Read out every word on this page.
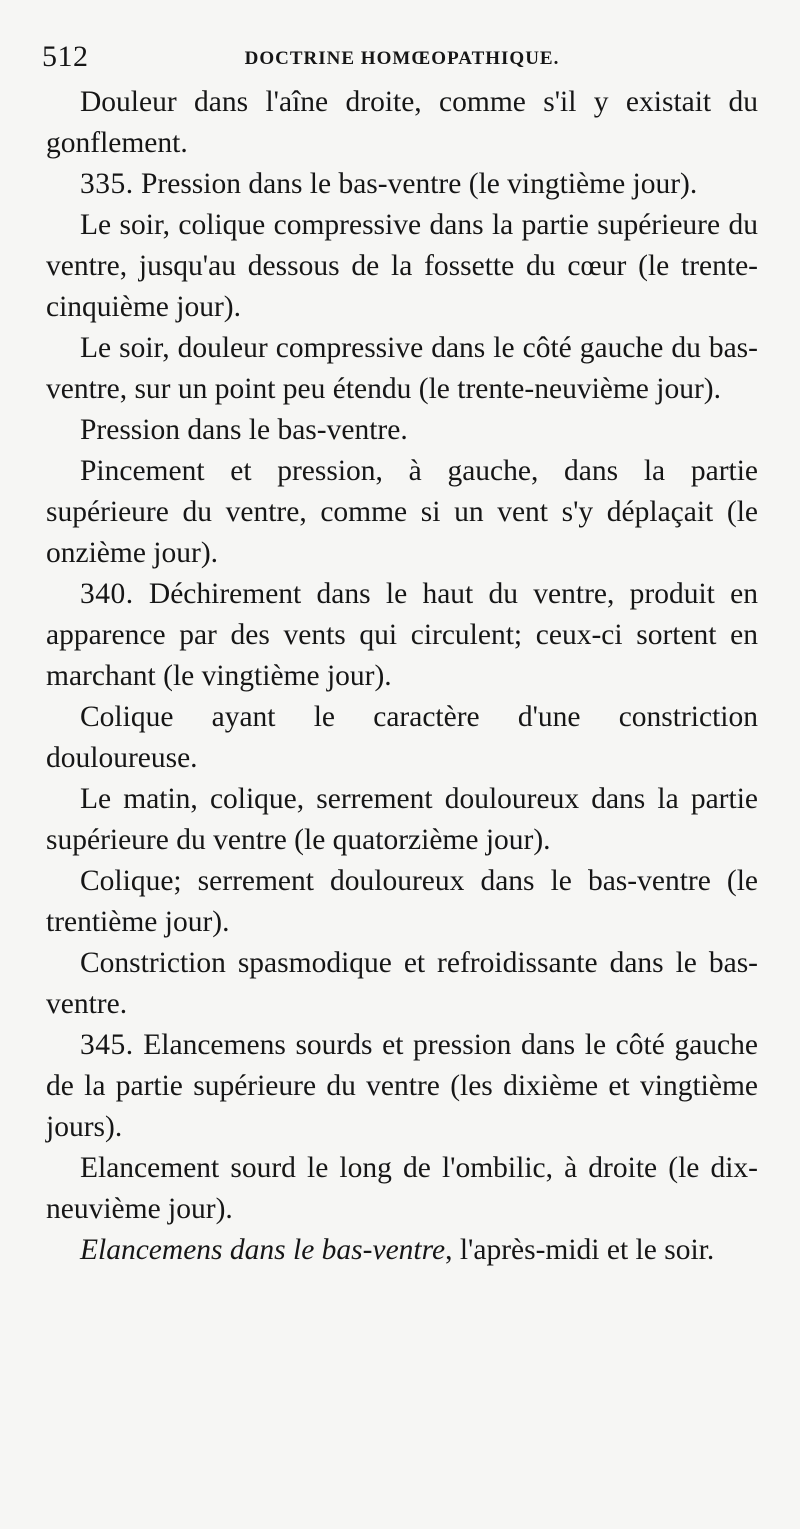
512	DOCTRINE HOMŒOPATHIQUE.

Douleur dans l'aîne droite, comme s'il y existait du gonflement.

335. Pression dans le bas-ventre (le vingtième jour).

Le soir, colique compressive dans la partie supérieure du ventre, jusqu'au dessous de la fossette du cœur (le trente-cinquième jour).

Le soir, douleur compressive dans le côté gauche du bas-ventre, sur un point peu étendu (le trente-neuvième jour).

Pression dans le bas-ventre.

Pincement et pression, à gauche, dans la partie supérieure du ventre, comme si un vent s'y déplaçait (le onzième jour).

340. Déchirement dans le haut du ventre, produit en apparence par des vents qui circulent; ceux-ci sortent en marchant (le vingtième jour).

Colique ayant le caractère d'une constriction douloureuse.

Le matin, colique, serrement douloureux dans la partie supérieure du ventre (le quatorzième jour).

Colique; serrement douloureux dans le bas-ventre (le trentième jour).

Constriction spasmodique et refroidissante dans le bas-ventre.

345. Elancemens sourds et pression dans le côté gauche de la partie supérieure du ventre (les dixième et vingtième jours).

Elancement sourd le long de l'ombilic, à droite (le dix-neuvième jour).

Elancemens dans le bas-ventre, l'après-midi et le soir.
